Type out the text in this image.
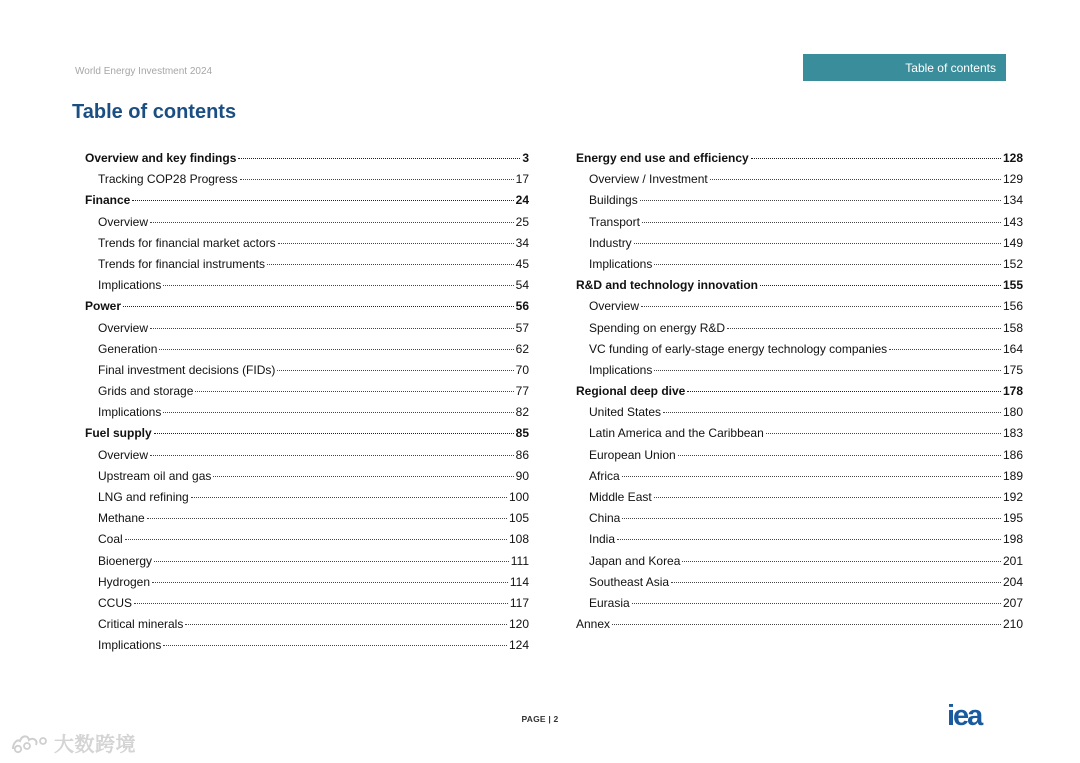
World Energy Investment 2024	Table of contents
Table of contents
Overview and key findings	3
Tracking COP28 Progress	17
Finance	24
Overview	25
Trends for financial market actors	34
Trends for financial instruments	45
Implications	54
Power	56
Overview	57
Generation	62
Final investment decisions (FIDs)	70
Grids and storage	77
Implications	82
Fuel supply	85
Overview	86
Upstream oil and gas	90
LNG and refining	100
Methane	105
Coal	108
Bioenergy	111
Hydrogen	114
CCUS	117
Critical minerals	120
Implications	124
Energy end use and efficiency	128
Overview / Investment	129
Buildings	134
Transport	143
Industry	149
Implications	152
R&D and technology innovation	155
Overview	156
Spending on energy R&D	158
VC funding of early-stage energy technology companies	164
Implications	175
Regional deep dive	178
United States	180
Latin America and the Caribbean	183
European Union	186
Africa	189
Middle East	192
China	195
India	198
Japan and Korea	201
Southeast Asia	204
Eurasia	207
Annex	210
PAGE | 2	iea
大数跨境
